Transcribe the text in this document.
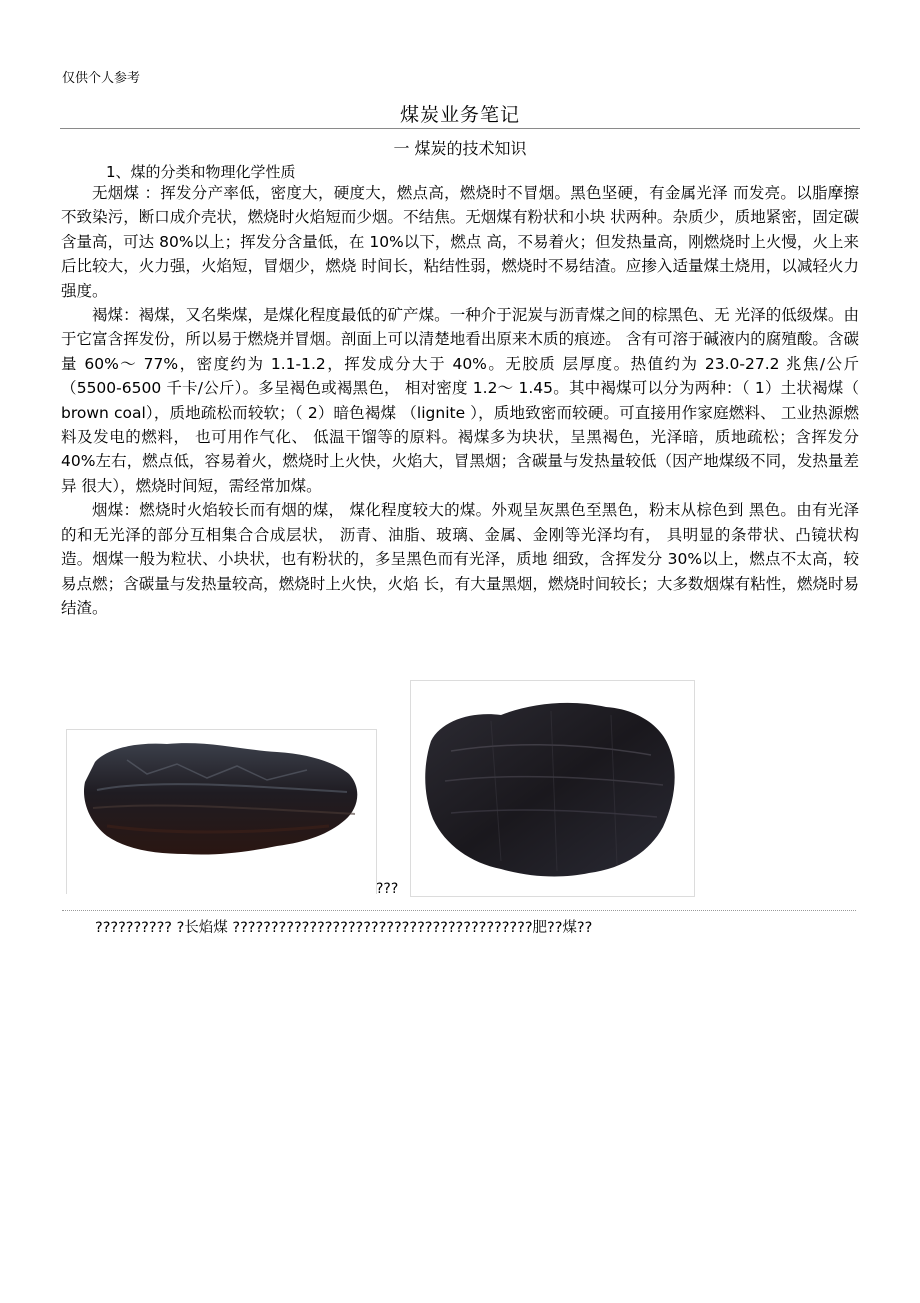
仅供个人参考
煤炭业务笔记
一 煤炭的技术知识
1、煤的分类和物理化学性质

无烟煤 ：挥发分产率低，密度大，硬度大，燃点高，燃烧时不冒烟。黑色坚硬，有金属光泽 而发亮。以脂摩擦不致染污，断口成介壳状，燃烧时火焰短而少烟。不结焦。无烟煤有粉状和小块 状两种。杂质少，质地紧密，固定碳含量高，可达 80%以上；挥发分含量低，在 10%以下，燃点 高，不易着火；但发热量高，刚燃烧时上火慢，火上来后比较大，火力强，火焰短，冒烟少，燃烧 时间长，粘结性弱，燃烧时不易结渣。应掺入适量煤土烧用，以减轻火力强度。

褐煤：褐煤，又名柴煤，是煤化程度最低的矿产煤。一种介于泥炭与沥青煤之间的棕黑色、无 光泽的低级煤。由于它富含挥发份，所以易于燃烧并冒烟。剖面上可以清楚地看出原来木质的痕迹。 含有可溶于碱液内的腐殖酸。含碳量 60%～ 77%，密度约为 1.1-1.2，挥发成分大于 40%。无胶质 层厚度。热值约为 23.0-27.2 兆焦/公斤（5500-6500 千卡/公斤）。多呈褐色或褐黑色， 相对密度 1.2～ 1.45。其中褐煤可以分为两种：（ 1）土状褐煤（ brown coal），质地疏松而较软；（ 2）暗色褐煤 （lignite ），质地致密而较硬。可直接用作家庭燃料、 工业热源燃料及发电的燃料， 也可用作气化、 低温干馏等的原料。褐煤多为块状，呈黑褐色，光泽暗，质地疏松；含挥发分 40%左右，燃点低，容易着火，燃烧时上火快，火焰大，冒黑烟；含碳量与发热量较低（因产地煤级不同，发热量差异 很大），燃烧时间短，需经常加煤。

烟煤：燃烧时火焰较长而有烟的煤， 煤化程度较大的煤。外观呈灰黑色至黑色，粉末从棕色到 黑色。由有光泽的和无光泽的部分互相集合合成层状， 沥青、油脂、玻璃、金属、金刚等光泽均有， 具明显的条带状、凸镜状构造。烟煤一般为粒状、小块状，也有粉状的，多呈黑色而有光泽，质地 细致，含挥发分 30%以上，燃点不太高，较易点燃；含碳量与发热量较高，燃烧时上火快，火焰 长，有大量黑烟，燃烧时间较长；大多数烟煤有粘性，燃烧时易结渣。

???
?????????? ?长焰煤 ???????????????????????????????????????肥??煤??
